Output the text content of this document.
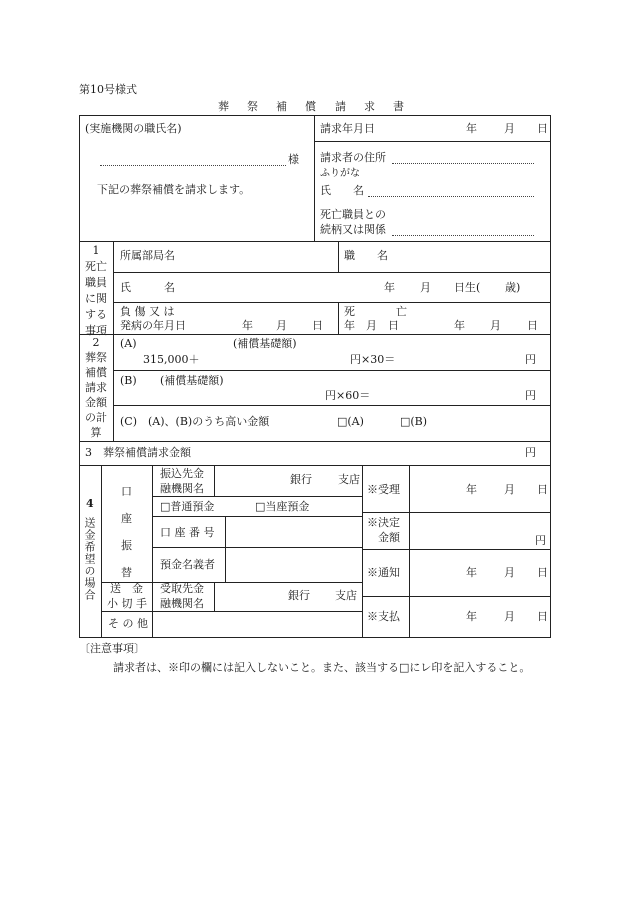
第10号様式
葬 祭 補 償 請 求 書
(実施機関の職氏名)
様
下記の葬祭補償を請求します。
請求年月日	年 月 日
請求者の住所
ふりがな
氏　　名
死亡職員との
続柄又は関係
1
死亡
職員
に関
する
事項
所属部局名	職　　名
氏　　　名	年 月 日生( 歳)
負 傷 又 は
発病の年月日	年 月 日
死	亡
年　月　日	年 月 日
2
葬祭
補償
請求
金額
の計
算
(A)	(補償基礎額)
315,000＋	円×30＝	円
(B) (補償基礎額)
円×60＝	円
(C)　(A)、(B)のうち高い金額	□(A)	□(B)
3　葬祭補償請求金額	円
4
送金希望の場合
口
座
振
替
振込先金
融機関名
銀行 支店
□普通預金	□当座預金
口 座 番 号
預金名義者
送　金
小 切 手
受取先金
融機関名
銀行 支店
そ の 他
※受理	年 月 日
※決定
金額	円
※通知	年 月 日
※支払	年 月 日
〔注意事項〕
請求者は、※印の欄には記入しないこと。また、該当する□にレ印を記入すること。
